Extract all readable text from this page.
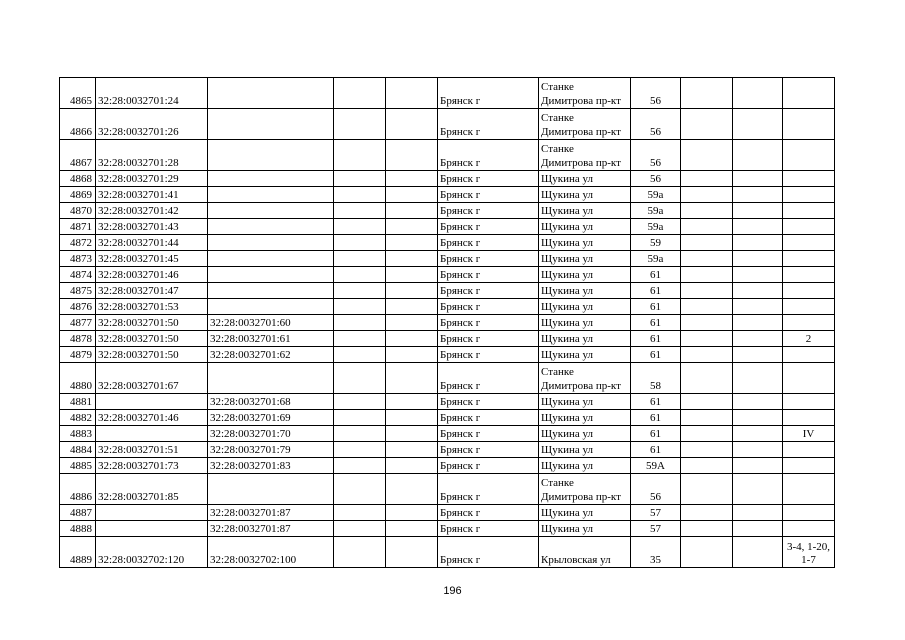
4865	32:28:0032701:24				Брянск г	Станке Димитрова пр-кт	56			
4866	32:28:0032701:26				Брянск г	Станке Димитрова пр-кт	56			
4867	32:28:0032701:28				Брянск г	Станке Димитрова пр-кт	56			
4868	32:28:0032701:29				Брянск г	Щукина ул	56			
4869	32:28:0032701:41				Брянск г	Щукина ул	59а			
4870	32:28:0032701:42				Брянск г	Щукина ул	59а			
4871	32:28:0032701:43				Брянск г	Щукина ул	59а			
4872	32:28:0032701:44				Брянск г	Щукина ул	59			
4873	32:28:0032701:45				Брянск г	Щукина ул	59а			
4874	32:28:0032701:46				Брянск г	Щукина ул	61			
4875	32:28:0032701:47				Брянск г	Щукина ул	61			
4876	32:28:0032701:53				Брянск г	Щукина ул	61			
4877	32:28:0032701:50	32:28:0032701:60			Брянск г	Щукина ул	61			
4878	32:28:0032701:50	32:28:0032701:61			Брянск г	Щукина ул	61			2
4879	32:28:0032701:50	32:28:0032701:62			Брянск г	Щукина ул	61			
4880	32:28:0032701:67				Брянск г	Станке Димитрова пр-кт	58			
4881		32:28:0032701:68			Брянск г	Щукина ул	61			
4882	32:28:0032701:46	32:28:0032701:69			Брянск г	Щукина ул	61			
4883		32:28:0032701:70			Брянск г	Щукина ул	61			IV
4884	32:28:0032701:51	32:28:0032701:79			Брянск г	Щукина ул	61			
4885	32:28:0032701:73	32:28:0032701:83			Брянск г	Щукина ул	59А			
4886	32:28:0032701:85				Брянск г	Станке Димитрова пр-кт	56			
4887		32:28:0032701:87			Брянск г	Щукина ул	57			
4888		32:28:0032701:87			Брянск г	Щукина ул	57			
4889	32:28:0032702:120	32:28:0032702:100			Брянск г	Крыловская ул	35			3-4, 1-20, 1-7
196
